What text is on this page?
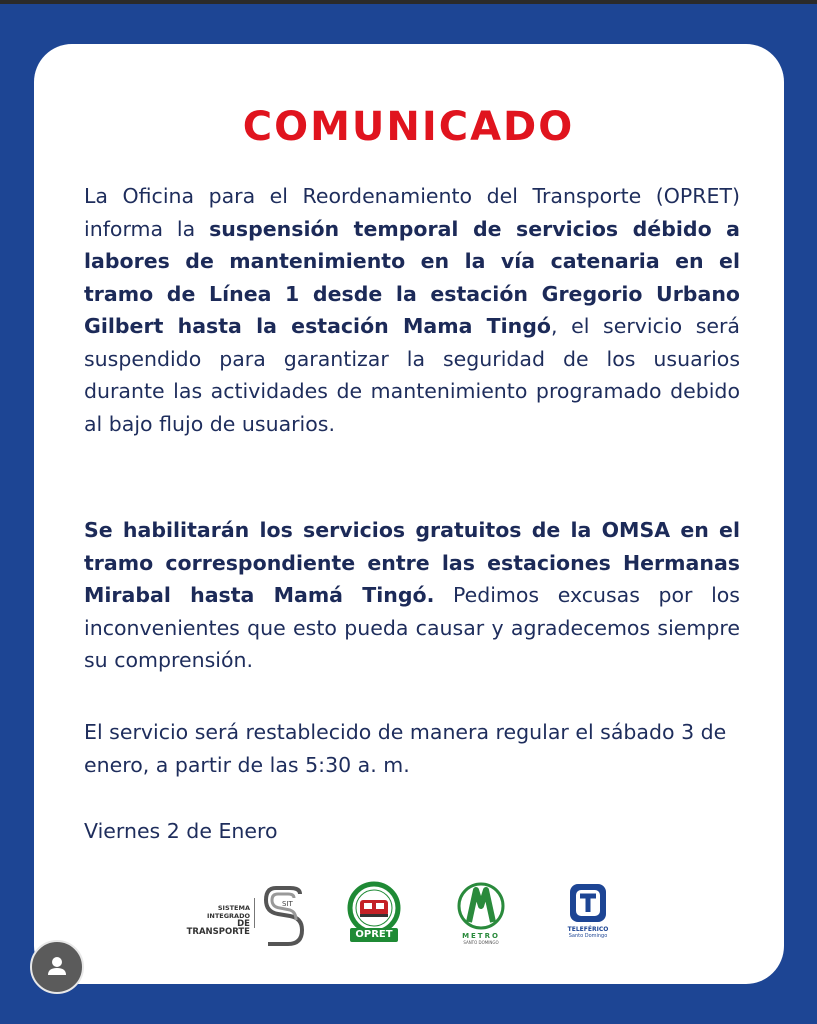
COMUNICADO

La Oficina para el Reordenamiento del Transporte (OPRET) informa la suspensión temporal de servicios débido a labores de mantenimiento en la vía catenaria en el tramo de Línea 1 desde la estación Gregorio Urbano Gilbert hasta la estación Mama Tingó, el servicio será suspendido para garantizar la seguridad de los usuarios durante las actividades de mantenimiento programado debido al bajo flujo de usuarios.

Se habilitarán los servicios gratuitos de la OMSA en el tramo correspondiente entre las estaciones Hermanas Mirabal hasta Mamá Tingó. Pedimos excusas por los inconvenientes que esto pueda causar y agradecemos siempre su comprensión.

El servicio será restablecido de manera regular el sábado 3 de enero, a partir de las 5:30 a. m.

Viernes 2 de Enero

SISTEMA INTEGRADO
DE TRANSPORTE
SIT
OPRET	METRO
SANTO DOMINGO
TELEFÉRICO
Santo Domingo
